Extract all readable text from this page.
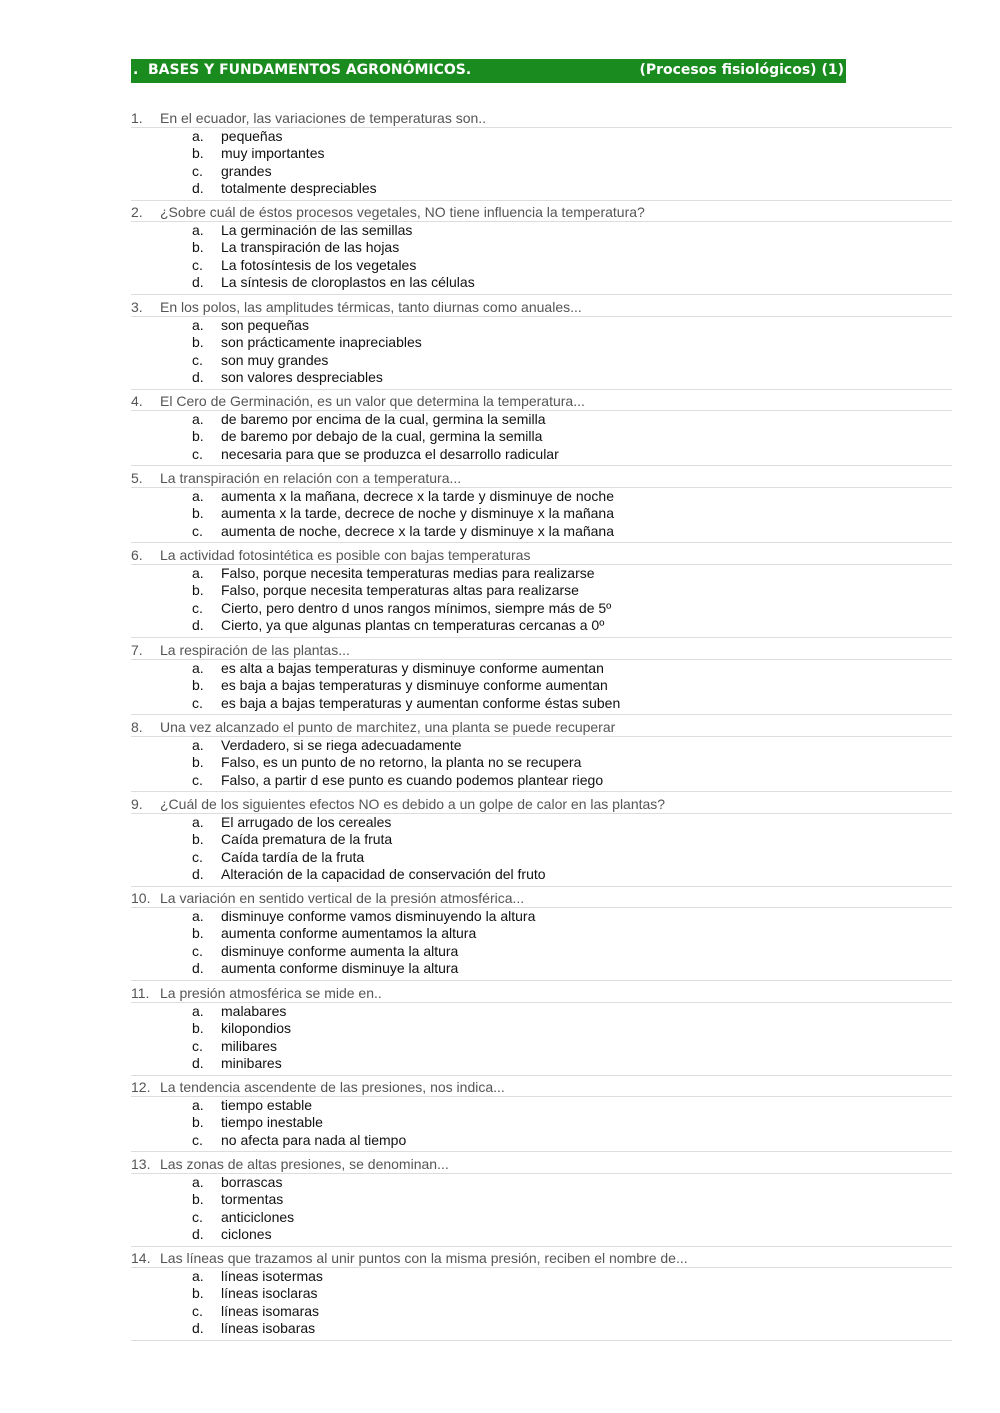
. BASES Y FUNDAMENTOS AGRONÓMICOS.	(Procesos fisiológicos) (1)
1. En el ecuador, las variaciones de temperaturas son..
a. pequeñas
b. muy importantes
c. grandes
d. totalmente despreciables
2. ¿Sobre cuál de éstos procesos vegetales, NO tiene influencia la temperatura?
a. La germinación de las semillas
b. La transpiración de las hojas
c. La fotosíntesis de los vegetales
d. La síntesis de cloroplastos en las células
3. En los polos, las amplitudes térmicas, tanto diurnas como anuales...
a. son pequeñas
b. son prácticamente inapreciables
c. son muy grandes
d. son valores despreciables
4. El Cero de Germinación, es un valor que determina la temperatura...
a. de baremo por encima de la cual, germina la semilla
b. de baremo por debajo de la cual, germina la semilla
c. necesaria para que se produzca el desarrollo radicular
5. La transpiración en relación con a temperatura...
a. aumenta x la mañana, decrece x la tarde y disminuye de noche
b. aumenta x la tarde, decrece de noche y disminuye x la mañana
c. aumenta de noche, decrece x la tarde y disminuye x la mañana
6. La actividad fotosintética es posible con bajas temperaturas
a. Falso, porque necesita temperaturas medias para realizarse
b. Falso, porque necesita temperaturas altas para realizarse
c. Cierto, pero dentro d unos rangos mínimos, siempre más de 5º
d. Cierto, ya que algunas plantas cn temperaturas cercanas a 0º
7. La respiración de las plantas...
a. es alta a bajas temperaturas y disminuye conforme aumentan
b. es baja a bajas temperaturas y disminuye conforme aumentan
c. es baja a bajas temperaturas y aumentan conforme éstas suben
8. Una vez alcanzado el punto de marchitez, una planta se puede recuperar
a. Verdadero, si se riega adecuadamente
b. Falso, es un punto de no retorno, la planta no se recupera
c. Falso, a partir d ese punto es cuando podemos plantear riego
9. ¿Cuál de los siguientes efectos NO es debido a un golpe de calor en las plantas?
a. El arrugado de los cereales
b. Caída prematura de la fruta
c. Caída tardía de la fruta
d. Alteración de la capacidad de conservación del fruto
10. La variación en sentido vertical de la presión atmosférica...
a. disminuye conforme vamos disminuyendo la altura
b. aumenta conforme aumentamos la altura
c. disminuye conforme aumenta la altura
d. aumenta conforme disminuye la altura
11. La presión atmosférica se mide en..
a. malabares
b. kilopondios
c. milibares
d. minibares
12. La tendencia ascendente de las presiones, nos indica...
a. tiempo estable
b. tiempo inestable
c. no afecta para nada al tiempo
13. Las zonas de altas presiones, se denominan...
a. borrascas
b. tormentas
c. anticiclones
d. ciclones
14. Las líneas que trazamos al unir puntos con la misma presión, reciben el nombre de...
a. líneas isotermas
b. líneas isoclaras
c. líneas isomaras
d. líneas isobaras
